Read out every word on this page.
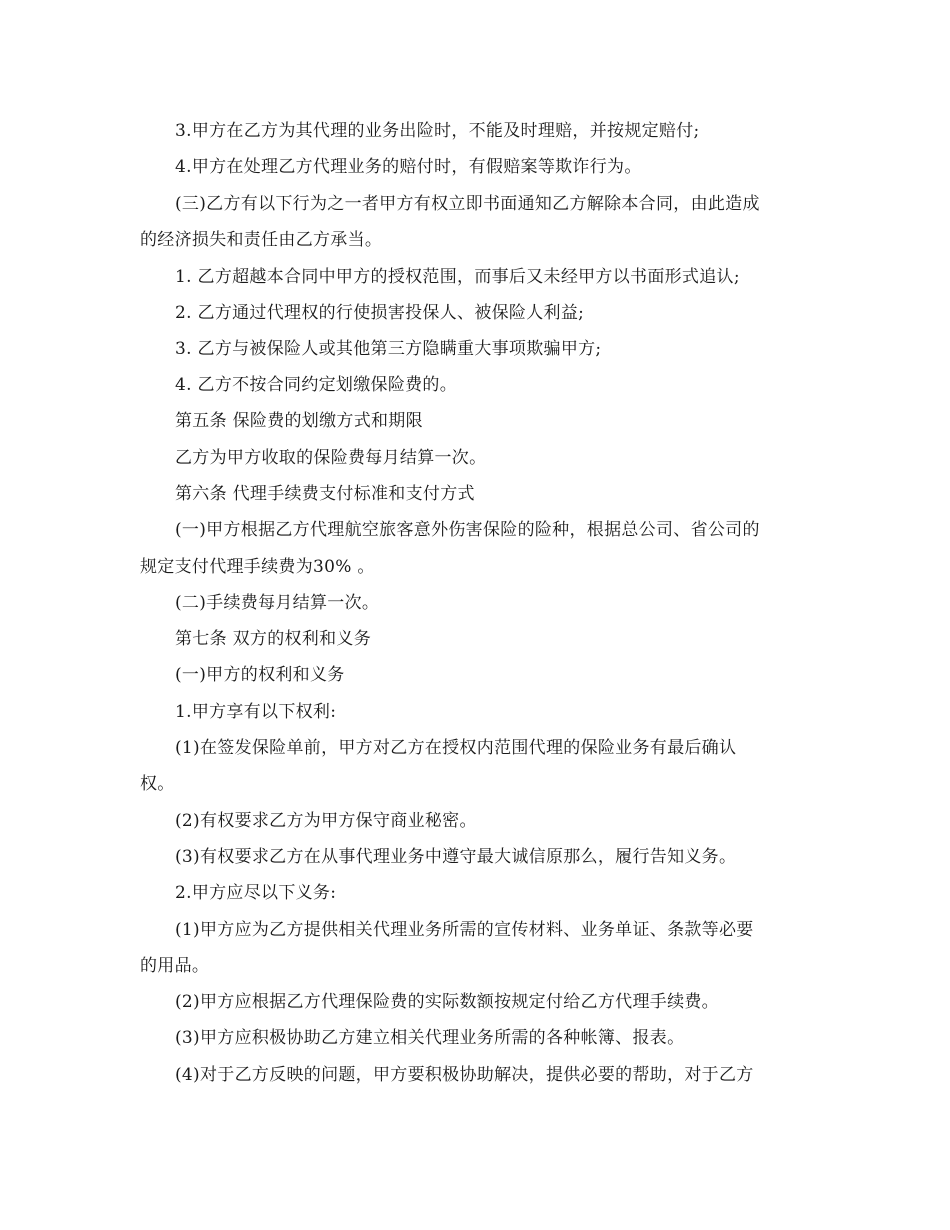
3.甲方在乙方为其代理的业务出险时，不能及时理赔，并按规定赔付;
4.甲方在处理乙方代理业务的赔付时，有假赔案等欺诈行为。
(三)乙方有以下行为之一者甲方有权立即书面通知乙方解除本合同，由此造成
的经济损失和责任由乙方承当。
1. 乙方超越本合同中甲方的授权范围，而事后又未经甲方以书面形式追认;
2. 乙方通过代理权的行使损害投保人、被保险人利益;
3. 乙方与被保险人或其他第三方隐瞒重大事项欺骗甲方;
4. 乙方不按合同约定划缴保险费的。
第五条 保险费的划缴方式和期限
乙方为甲方收取的保险费每月结算一次。
第六条 代理手续费支付标准和支付方式
(一)甲方根据乙方代理航空旅客意外伤害保险的险种，根据总公司、省公司的
规定支付代理手续费为30% 。
(二)手续费每月结算一次。
第七条 双方的权利和义务
(一)甲方的权利和义务
1.甲方享有以下权利:
(1)在签发保险单前，甲方对乙方在授权内范围代理的保险业务有最后确认
权。
(2)有权要求乙方为甲方保守商业秘密。
(3)有权要求乙方在从事代理业务中遵守最大诚信原那么，履行告知义务。
2.甲方应尽以下义务:
(1)甲方应为乙方提供相关代理业务所需的宣传材料、业务单证、条款等必要
的用品。
(2)甲方应根据乙方代理保险费的实际数额按规定付给乙方代理手续费。
(3)甲方应积极协助乙方建立相关代理业务所需的各种帐簿、报表。
(4)对于乙方反映的问题，甲方要积极协助解决，提供必要的帮助，对于乙方
